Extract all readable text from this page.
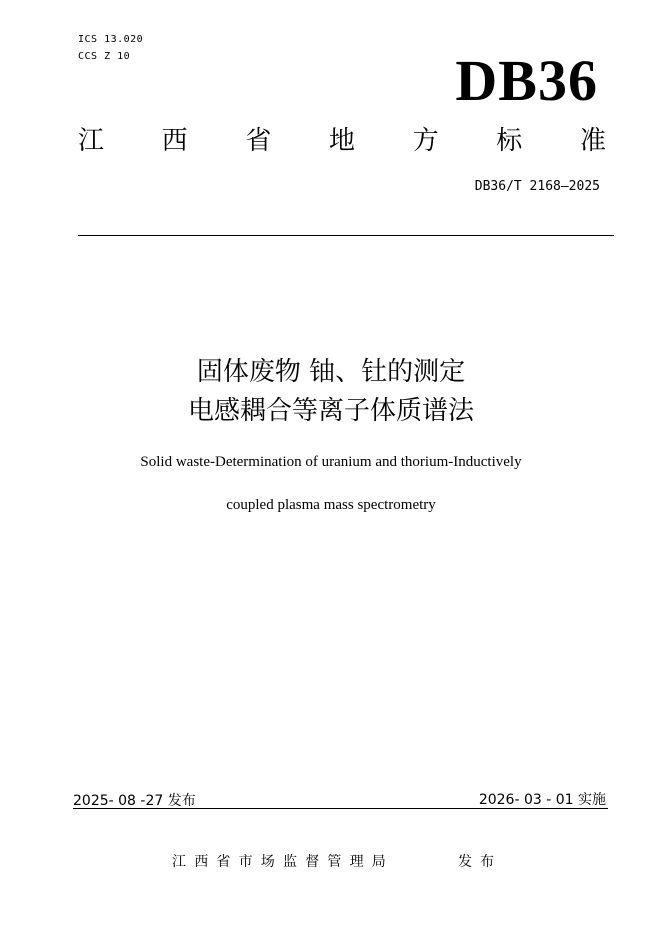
ICS 13.020
CCS Z 10	DB36
江 西 省 地 方 标 准
DB36/T 2168—2025
固体废物 铀、钍的测定
电感耦合等离子体质谱法
Solid waste-Determination of uranium and thorium-Inductively
coupled plasma mass spectrometry
2025- 08 -27 发布	2026- 03 - 01 实施
江西省市场监督管理局	发布
